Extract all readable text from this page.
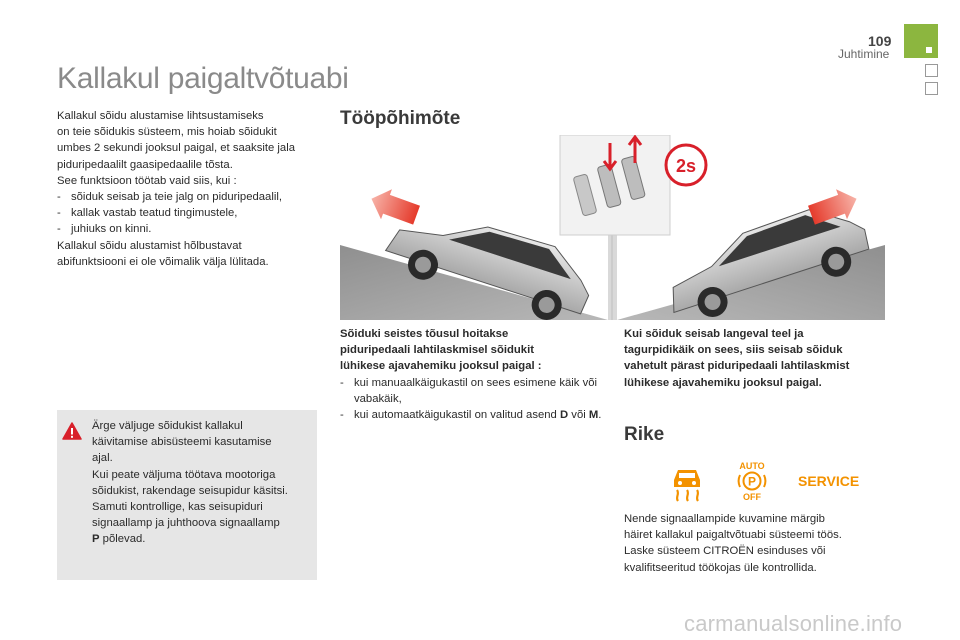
109
Juhtimine
Kallakul paigaltvõtuabi
Kallakul sõidu alustamise lihtsustamiseks
on teie sõidukis süsteem, mis hoiab sõidukit
umbes 2 sekundi jooksul paigal, et saaksite jala
piduripedaalilt gaasipedaalile tõsta.
See funktsioon töötab vaid siis, kui :
- sõiduk seisab ja teie jalg on piduripedaalil,
- kallak vastab teatud tingimustele,
- juhiuks on kinni.
Kallakul sõidu alustamist hõlbustavat
abifunktsiooni ei ole võimalik välja lülitada.
Ärge väljuge sõidukist kallakul
käivitamise abisüsteemi kasutamise
ajal.
Kui peate väljuma töötava mootoriga
sõidukist, rakendage seisupidur käsitsi.
Samuti kontrollige, kas seisupiduri
signaallamp ja juhthoova signaallamp
P põlevad.
Tööpõhimõte
2s
Sõiduki seistes tõusul hoitakse
piduripedaali lahtilaskmisel sõidukit
lühikese ajavahemiku jooksul paigal :
- kui manuaalkäigukastil on sees esimene käik või vabakäik,
- kui automaatkäigukastil on valitud asend D või M.
Kui sõiduk seisab langeval teel ja
tagurpidikäik on sees, siis seisab sõiduk
vahetult pärast piduripedaali lahtilaskmist
lühikese ajavahemiku jooksul paigal.
Rike
AUTO
P
OFF
SERVICE
Nende signaallampide kuvamine märgib
häiret kallakul paigaltvõtuabi süsteemi töös.
Laske süsteem CITROËN esinduses või
kvalifitseeritud töökojas üle kontrollida.
carmanualsonline.info
